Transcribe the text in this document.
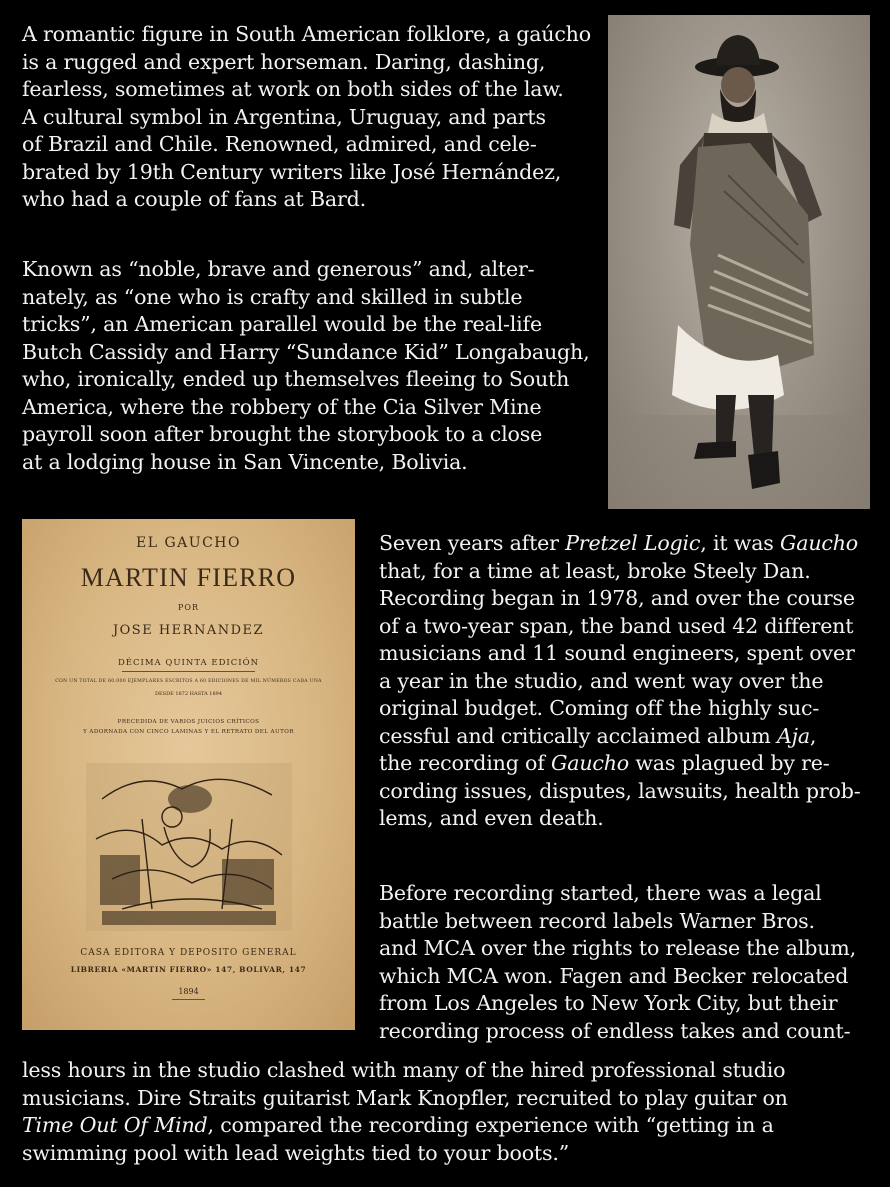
A romantic figure in South American folklore, a gaúcho
is a rugged and expert horseman. Daring, dashing,
fearless, sometimes at work on both sides of the law.
A cultural symbol in Argentina, Uruguay, and parts
of Brazil and Chile. Renowned, admired, and cele-
brated by 19th Century writers like José Hernández,
who had a couple of fans at Bard.
Known as “noble, brave and generous” and, alter-
nately, as “one who is crafty and skilled in subtle
tricks”, an American parallel would be the real-life
Butch Cassidy and Harry “Sundance Kid” Longabaugh,
who, ironically, ended up themselves fleeing to South
America, where the robbery of the Cia Silver Mine
payroll soon after brought the storybook to a close
at a lodging house in San Vincente, Bolivia.
EL GAUCHO
MARTIN FIERRO
POR
JOSE HERNANDEZ
DÉCIMA QUINTA EDICIÓN
CON UN TOTAL DE 60.000 EJEMPLARES ESCRITOS A 60 EDICIONES DE MIL NÚMEROS CADA UNA
DESDE 1872 HASTA 1894
PRECEDIDA DE VARIOS JUICIOS CRÍTICOS
Y ADORNADA CON CINCO LAMINAS Y EL RETRATO DEL AUTOR
CASA EDITORA Y DEPOSITO GENERAL
LIBRERIA «MARTIN FIERRO» 147, BOLIVAR, 147
1894
Seven years after Pretzel Logic, it was Gaucho
that, for a time at least, broke Steely Dan.
Recording began in 1978, and over the course
of a two-year span, the band used 42 different
musicians and 11 sound engineers, spent over
a year in the studio, and went way over the
original budget. Coming off the highly suc-
cessful and critically acclaimed album Aja,
the recording of Gaucho was plagued by re-
cording issues, disputes, lawsuits, health prob-
lems, and even death.
Before recording started, there was a legal
battle between record labels Warner Bros.
and MCA over the rights to release the album,
which MCA won. Fagen and Becker relocated
from Los Angeles to New York City, but their
recording process of endless takes and count-
less hours in the studio clashed with many of the hired professional studio
musicians. Dire Straits guitarist Mark Knopfler, recruited to play guitar on
Time Out Of Mind, compared the recording experience with “getting in a
swimming pool with lead weights tied to your boots.”
